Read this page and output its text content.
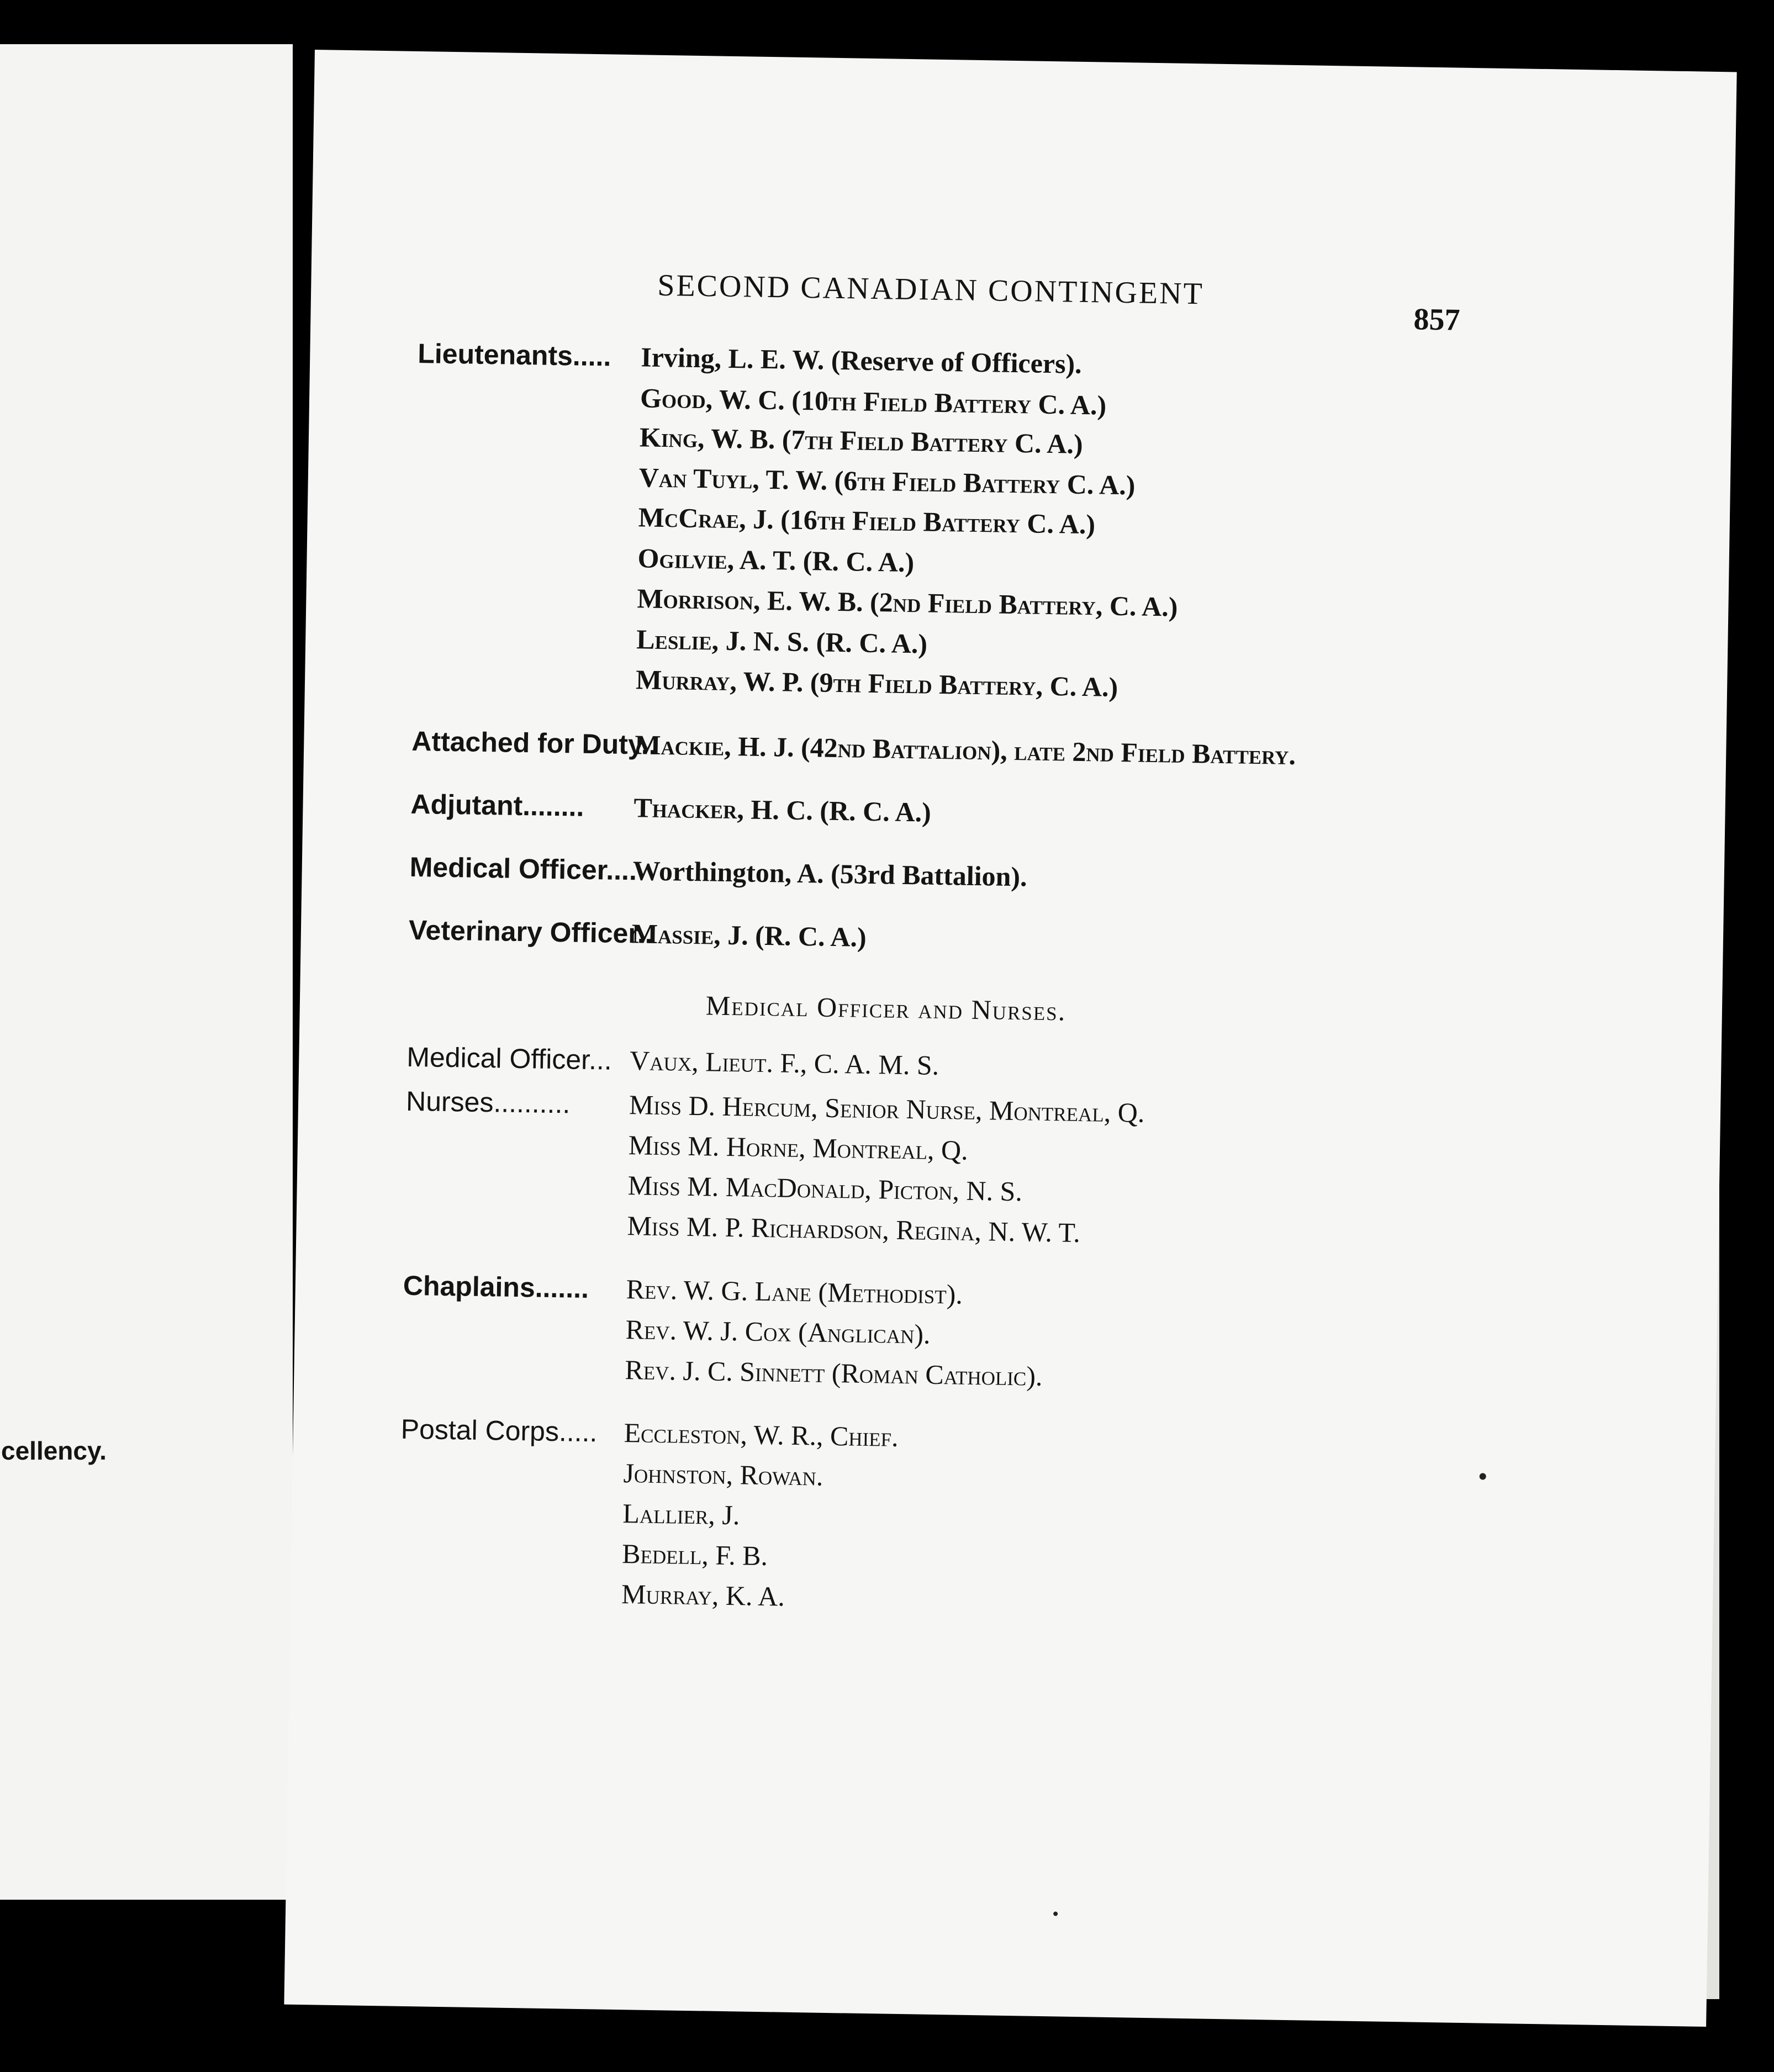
cellency.
SECOND CANADIAN CONTINGENT
857
Lieutenants..... Irving, L. E. W. (Reserve of Officers).
Good, W. C. (10th Field Battery C. A.)
King, W. B. (7th Field Battery C. A.)
Van Tuyl, T. W. (6th Field Battery C. A.)
McCrae, J. (16th Field Battery C. A.)
Ogilvie, A. T. (R. C. A.)
Morrison, E. W. B. (2nd Field Battery, C. A.)
Leslie, J. N. S. (R. C. A.)
Murray, W. P. (9th Field Battery, C. A.)
Attached for Duty..
Mackie, H. J. (42nd Battalion), late 2nd Field Battery.
Adjutant........ Thacker, H. C. (R. C. A.)
Medical Officer....
Worthington, A. (53rd Battalion).
Veterinary Officer..
Massie, J. (R. C. A.)
Medical Officer and Nurses.
Medical Officer... Vaux, Lieut. F., C. A. M. S.
Nurses.......... Miss D. Hercum, Senior Nurse, Montreal, Q.
Miss M. Horne, Montreal, Q.
Miss M. MacDonald, Picton, N. S.
Miss M. P. Richardson, Regina, N. W. T.
Chaplains....... Rev. W. G. Lane (Methodist).
Rev. W. J. Cox (Anglican).
Rev. J. C. Sinnett (Roman Catholic).
Postal Corps..... Eccleston, W. R., Chief.
Johnston, Rowan.
Lallier, J.
Bedell, F. B.
Murray, K. A.
